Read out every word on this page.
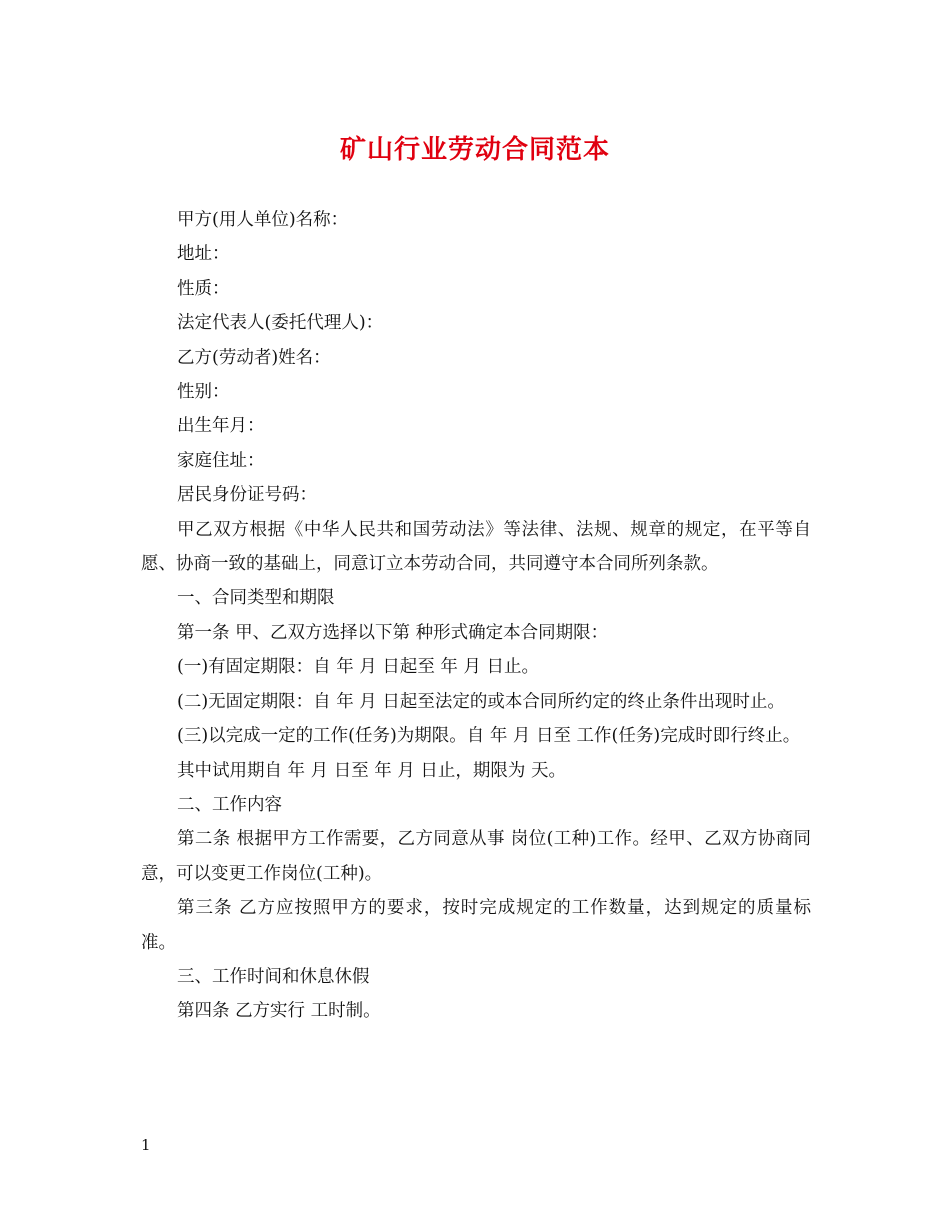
矿山行业劳动合同范本

甲方(用人单位)名称：

地址：

性质：

法定代表人(委托代理人)：

乙方(劳动者)姓名：

性别：

出生年月：

家庭住址：

居民身份证号码：

甲乙双方根据《中华人民共和国劳动法》等法律、法规、规章的规定，在平等自愿、协商一致的基础上，同意订立本劳动合同，共同遵守本合同所列条款。

一、合同类型和期限

第一条 甲、乙双方选择以下第 种形式确定本合同期限：

(一)有固定期限：自 年 月 日起至 年 月 日止。

(二)无固定期限：自 年 月 日起至法定的或本合同所约定的终止条件出现时止。

(三)以完成一定的工作(任务)为期限。自 年 月 日至 工作(任务)完成时即行终止。

其中试用期自 年 月 日至 年 月 日止，期限为 天。

二、工作内容

第二条 根据甲方工作需要，乙方同意从事 岗位(工种)工作。经甲、乙双方协商同意，可以变更工作岗位(工种)。

第三条 乙方应按照甲方的要求，按时完成规定的工作数量，达到规定的质量标准。

三、工作时间和休息休假

第四条 乙方实行 工时制。

1
